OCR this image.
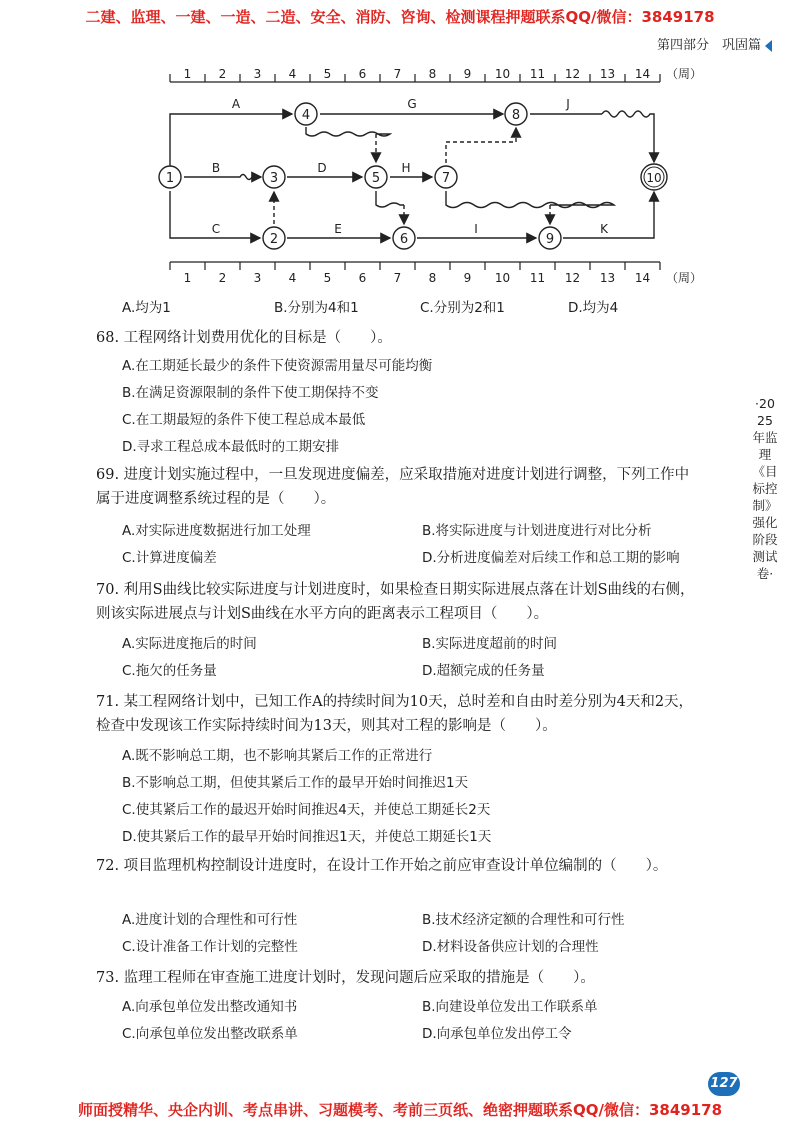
二建、监理、一建、一造、二造、安全、消防、咨询、检测课程押题联系QQ/微信：3849178
第四部分　巩固篇
1 2 3 4 5 6 7 8 9 10 11 12 13 14 （周）
1 2 3 4 5 6 7 8 9 10 11 12 13 14 （周）
1
2
3
4
5
6
7
8
9
10
A
B
C
D
E
G
H
I
J
K
A.均为1	B.分别为4和1	C.分别为2和1	D.均为4
68. 工程网络计划费用优化的目标是（　　）。
A.在工期延长最少的条件下使资源需用量尽可能均衡
B.在满足资源限制的条件下使工期保持不变
C.在工期最短的条件下使工程总成本最低
D.寻求工程总成本最低时的工期安排
69. 进度计划实施过程中，一旦发现进度偏差，应采取措施对进度计划进行调整，下列工作中属于进度调整系统过程的是（　　）。
A.对实际进度数据进行加工处理	B.将实际进度与计划进度进行对比分析
C.计算进度偏差	D.分析进度偏差对后续工作和总工期的影响
70. 利用S曲线比较实际进度与计划进度时，如果检查日期实际进展点落在计划S曲线的右侧，则该实际进展点与计划S曲线在水平方向的距离表示工程项目（　　）。
A.实际进度拖后的时间	B.实际进度超前的时间
C.拖欠的任务量	D.超额完成的任务量
71. 某工程网络计划中，已知工作A的持续时间为10天，总时差和自由时差分别为4天和2天，检查中发现该工作实际持续时间为13天，则其对工程的影响是（　　）。
A.既不影响总工期，也不影响其紧后工作的正常进行
B.不影响总工期，但使其紧后工作的最早开始时间推迟1天
C.使其紧后工作的最迟开始时间推迟4天，并使总工期延长2天
D.使其紧后工作的最早开始时间推迟1天，并使总工期延长1天
72. 项目监理机构控制设计进度时，在设计工作开始之前应审查设计单位编制的（　　）。
A.进度计划的合理性和可行性	B.技术经济定额的合理性和可行性
C.设计准备工作计划的完整性	D.材料设备供应计划的合理性
73. 监理工程师在审查施工进度计划时，发现问题后应采取的措施是（　　）。
A.向承包单位发出整改通知书	B.向建设单位发出工作联系单
C.向承包单位发出整改联系单	D.向承包单位发出停工令
·2025年监理《目标控制》强化阶段测试卷·
127
师面授精华、央企内训、考点串讲、习题模考、考前三页纸、绝密押题联系QQ/微信：3849178
